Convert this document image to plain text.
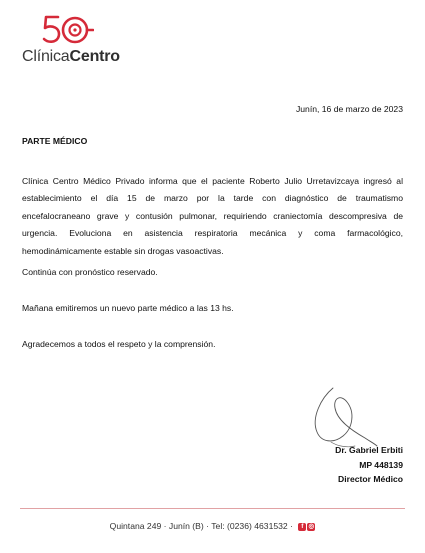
ClínicaCentro
Junín, 16 de marzo de 2023
PARTE MÉDICO
Clínica Centro Médico Privado informa que el paciente Roberto Julio Urretavizcaya ingresó al
establecimiento el día 15 de marzo por la tarde con diagnóstico de traumatismo
encefalocraneano grave y contusión pulmonar, requiriendo craniectomía descompresiva de
urgencia. Evoluciona en asistencia respiratoria mecánica y coma farmacológico,
hemodinámicamente estable sin drogas vasoactivas.
Continúa con pronóstico reservado.
Mañana emitiremos un nuevo parte médico a las 13 hs.
Agradecemos a todos el respeto y la comprensión.
Dr. Gabriel Erbiti
MP 448139
Director Médico
Quintana 249 · Junín (B) · Tel: (0236) 4631532 · f ◎
